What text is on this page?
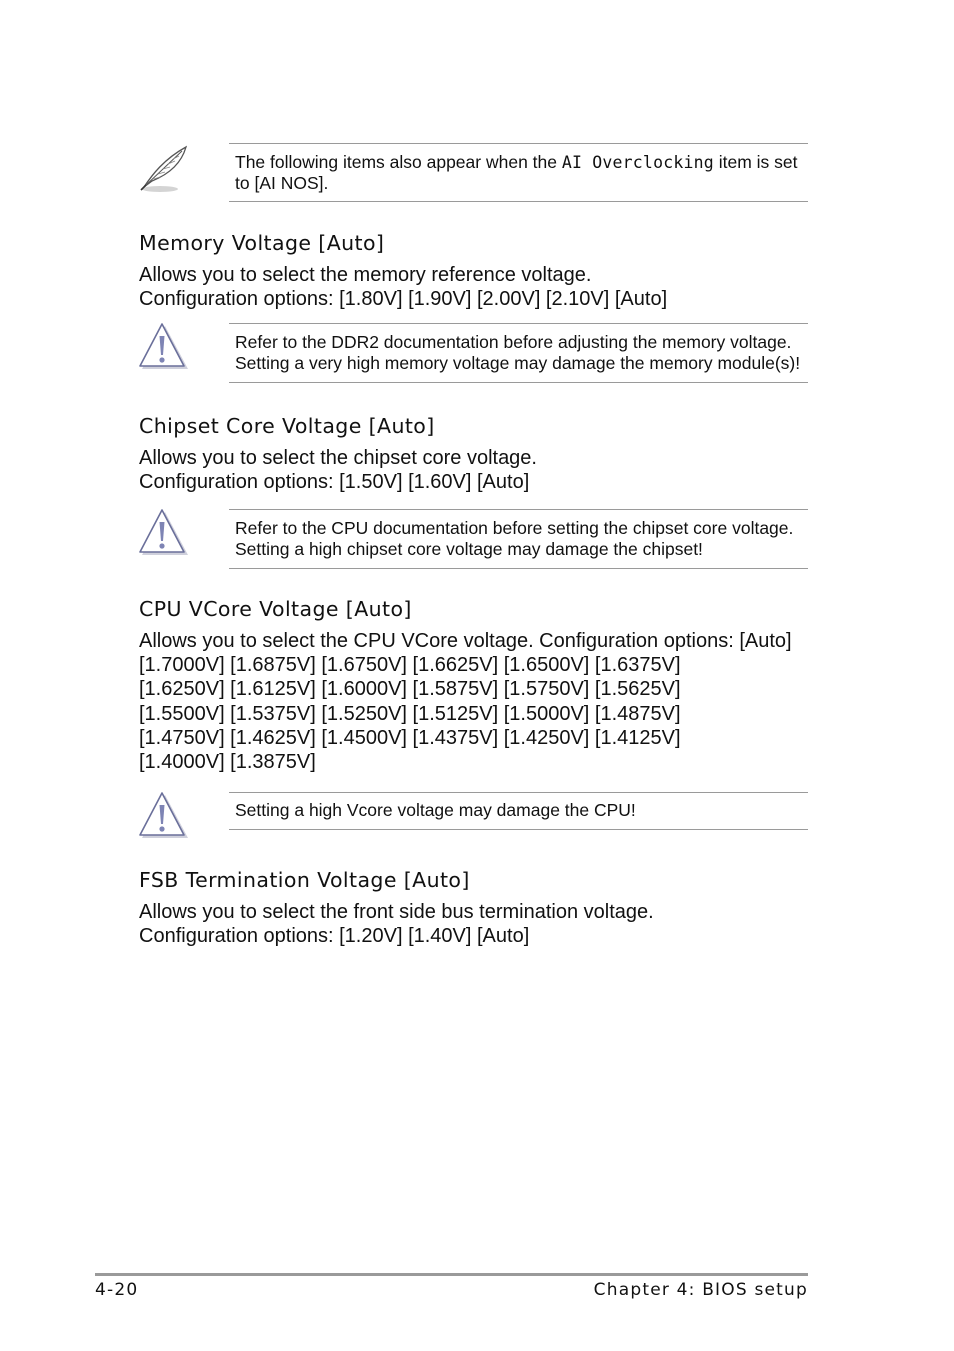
The following items also appear when the AI Overclocking item is set
to [AI NOS].
Memory Voltage [Auto]
Allows you to select the memory reference voltage.
Configuration options: [1.80V] [1.90V] [2.00V] [2.10V] [Auto]
Refer to the DDR2 documentation before adjusting the memory voltage.
Setting a very high memory voltage may damage the memory module(s)!
Chipset Core Voltage [Auto]
Allows you to select the chipset core voltage.
Configuration options: [1.50V] [1.60V] [Auto]
Refer to the CPU documentation before setting the chipset core voltage.
Setting a high chipset core voltage may damage the chipset!
CPU VCore Voltage [Auto]
Allows you to select the CPU VCore voltage. Configuration options: [Auto]
[1.7000V] [1.6875V] [1.6750V] [1.6625V] [1.6500V] [1.6375V]
[1.6250V] [1.6125V] [1.6000V] [1.5875V] [1.5750V] [1.5625V]
[1.5500V] [1.5375V] [1.5250V] [1.5125V] [1.5000V] [1.4875V]
[1.4750V] [1.4625V] [1.4500V] [1.4375V] [1.4250V] [1.4125V]
[1.4000V] [1.3875V]
Setting a high Vcore voltage may damage the CPU!
FSB Termination Voltage [Auto]
Allows you to select the front side bus termination voltage.
Configuration options: [1.20V] [1.40V] [Auto]
4-20	Chapter 4: BIOS setup
